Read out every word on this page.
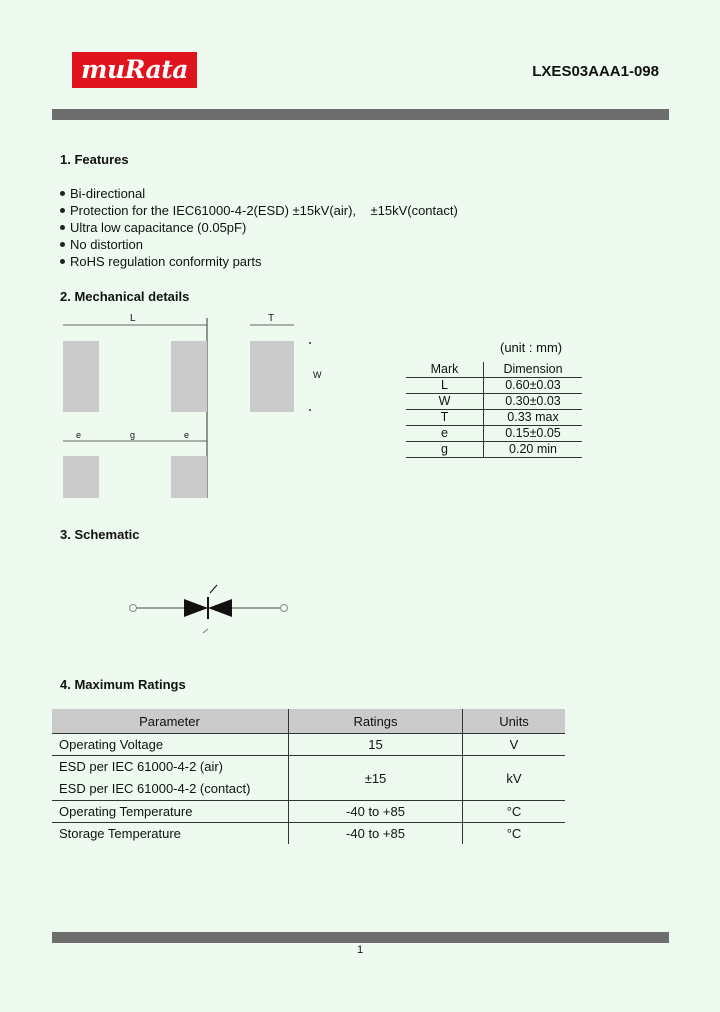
muRata	LXES03AAA1-098
1. Features
Bi-directional
Protection for the IEC61000-4-2(ESD) ±15kV(air),    ±15kV(contact)
Ultra low capacitance (0.05pF)
No distortion
RoHS regulation conformity parts
2. Mechanical details
L	T
W
e	g	e
(unit : mm)
Mark	Dimension
L	0.60±0.03
W	0.30±0.03
T	0.33 max
e	0.15±0.05
g	0.20 min
3. Schematic
4. Maximum Ratings
Parameter	Ratings	Units
Operating Voltage	15	V

ESD per IEC 61000-4-2 (air)
ESD per IEC 61000-4-2 (contact)	±15	kV
Operating Temperature	-40 to +85	°C
Storage Temperature	-40 to +85	°C
1
